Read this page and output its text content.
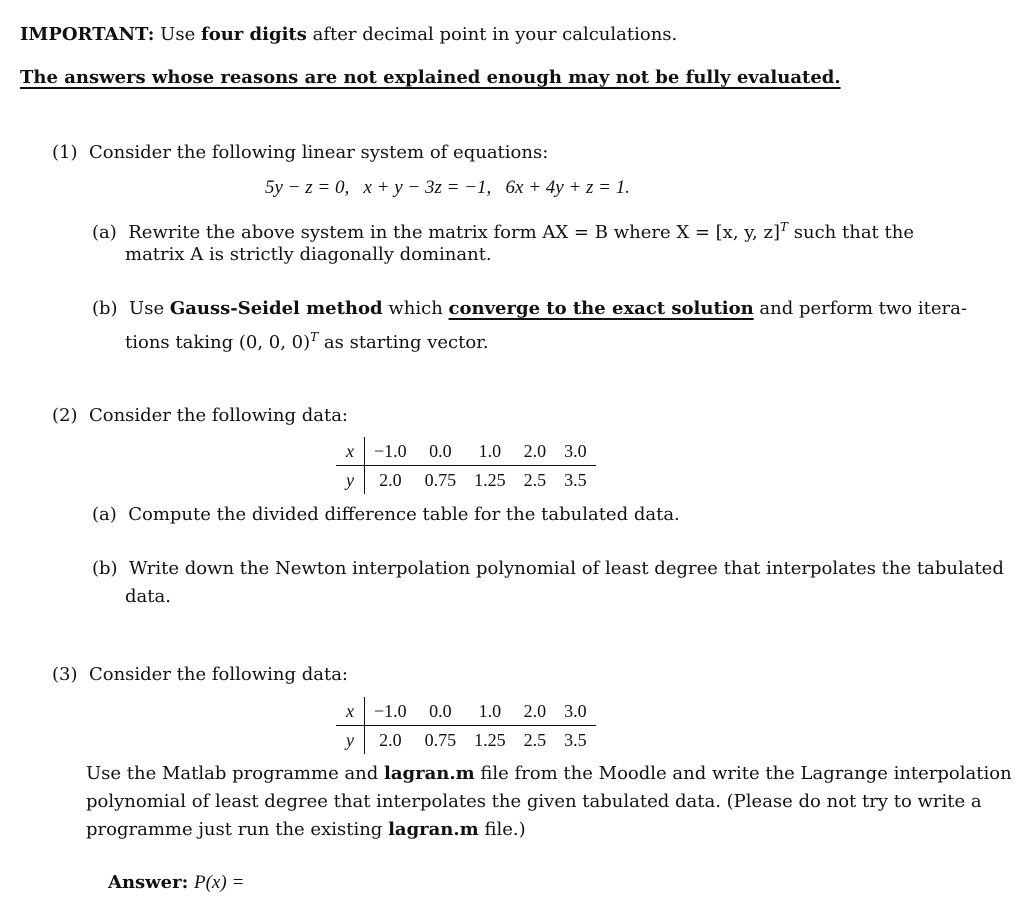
IMPORTANT: Use four digits after decimal point in your calculations.
The answers whose reasons are not explained enough may not be fully evaluated.
(1) Consider the following linear system of equations:
5y − z = 0,   x + y − 3z = −1,   6x + 4y + z = 1.
(a) Rewrite the above system in the matrix form AX = B where X = [x, y, z]$^T$ such that the
matrix A is strictly diagonally dominant.
(b) Use Gauss-Seidel method which converge to the exact solution and perform two itera-
tions taking (0, 0, 0)$^T$ as starting vector.
(2) Consider the following data:
x	−1.0	0.0	1.0	2.0	3.0
y	2.0	0.75	1.25	2.5	3.5
(a) Compute the divided difference table for the tabulated data.
(b) Write down the Newton interpolation polynomial of least degree that interpolates the tabulated
data.
(3) Consider the following data:
x	−1.0	0.0	1.0	2.0	3.0
y	2.0	0.75	1.25	2.5	3.5
Use the Matlab programme and lagran.m file from the Moodle and write the Lagrange interpolation
polynomial of least degree that interpolates the given tabulated data. (Please do not try to write a
programme just run the existing lagran.m file.)
Answer: P(x) =
